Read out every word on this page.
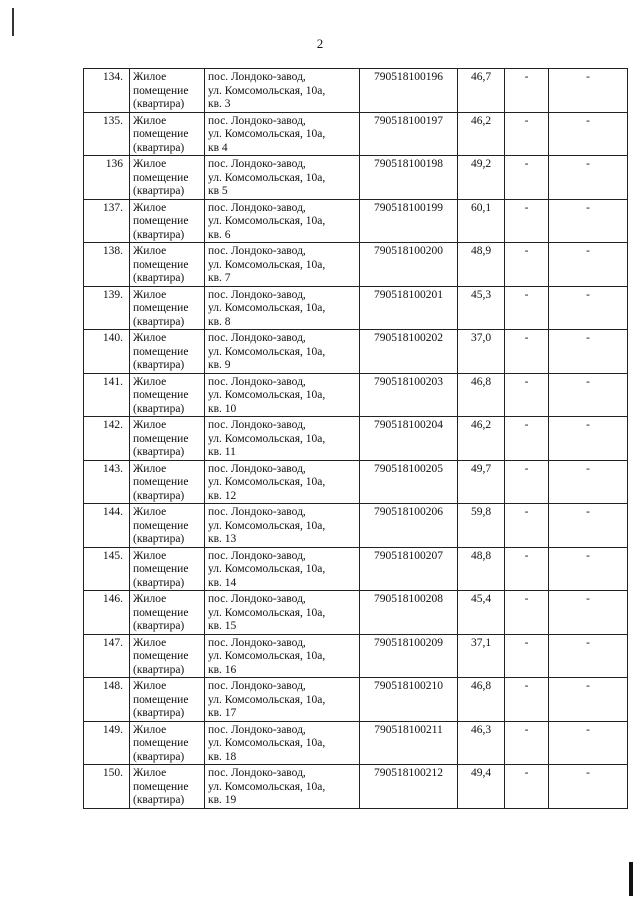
2
134.	Жилое
помещение
(квартира)	пос. Лондоко-завод,
ул. Комсомольская, 10а,
кв. 3	790518100196	46,7	-	-
135.	Жилое
помещение
(квартира)	пос. Лондоко-завод,
ул. Комсомольская, 10а,
кв 4	790518100197	46,2	-	-
136	Жилое
помещение
(квартира)	пос. Лондоко-завод,
ул. Комсомольская, 10а,
кв 5	790518100198	49,2	-	-
137.	Жилое
помещение
(квартира)	пос. Лондоко-завод,
ул. Комсомольская, 10а,
кв. 6	790518100199	60,1	-	-
138.	Жилое
помещение
(квартира)	пос. Лондоко-завод,
ул. Комсомольская, 10а,
кв. 7	790518100200	48,9	-	-
139.	Жилое
помещение
(квартира)	пос. Лондоко-завод,
ул. Комсомольская, 10а,
кв. 8	790518100201	45,3	-	-
140.	Жилое
помещение
(квартира)	пос. Лондоко-завод,
ул. Комсомольская, 10а,
кв. 9	790518100202	37,0	-	-
141.	Жилое
помещение
(квартира)	пос. Лондоко-завод,
ул. Комсомольская, 10а,
кв. 10	790518100203	46,8	-	-
142.	Жилое
помещение
(квартира)	пос. Лондоко-завод,
ул. Комсомольская, 10а,
кв. 11	790518100204	46,2	-	-
143.	Жилое
помещение
(квартира)	пос. Лондоко-завод,
ул. Комсомольская, 10а,
кв. 12	790518100205	49,7	-	-
144.	Жилое
помещение
(квартира)	пос. Лондоко-завод,
ул. Комсомольская, 10а,
кв. 13	790518100206	59,8	-	-
145.	Жилое
помещение
(квартира)	пос. Лондоко-завод,
ул. Комсомольская, 10а,
кв. 14	790518100207	48,8	-	-
146.	Жилое
помещение
(квартира)	пос. Лондоко-завод,
ул. Комсомольская, 10а,
кв. 15	790518100208	45,4	-	-
147.	Жилое
помещение
(квартира)	пос. Лондоко-завод,
ул. Комсомольская, 10а,
кв. 16	790518100209	37,1	-	-
148.	Жилое
помещение
(квартира)	пос. Лондоко-завод,
ул. Комсомольская, 10а,
кв. 17	790518100210	46,8	-	-
149.	Жилое
помещение
(квартира)	пос. Лондоко-завод,
ул. Комсомольская, 10а,
кв. 18	790518100211	46,3	-	-
150.	Жилое
помещение
(квартира)	пос. Лондоко-завод,
ул. Комсомольская, 10а,
кв. 19	790518100212	49,4	-	-
